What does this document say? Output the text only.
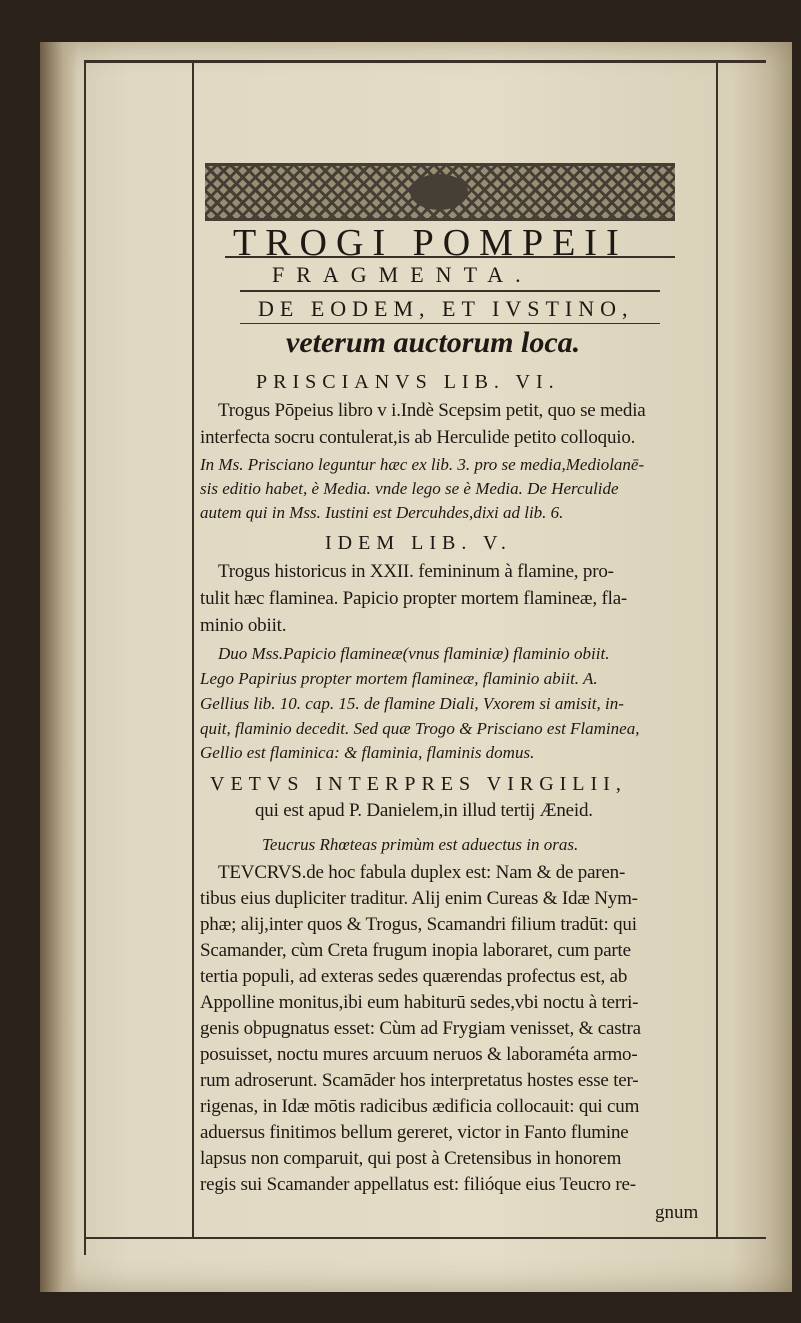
TROGI POMPEII
FRAGMENTA.
DE EODEM, ET IVSTINO,
veterum auctorum loca.
PRISCIANVS LIB. VI.
Trogus Pōpeius libro v i.Indè Scepsim petit, quo se media
interfecta socru contulerat,is ab Herculide petito colloquio.
In Ms. Prisciano leguntur hæc ex lib. 3. pro se media,Mediolanē-
sis editio habet, è Media. vnde lego se è Media. De Herculide
autem qui in Mss. Iustini est Dercuhdes,dixi ad lib. 6.
IDEM LIB. V.
Trogus historicus in XXII. femininum à flamine, pro-
tulit hæc flaminea. Papicio propter mortem flamineæ, fla-
minio obiit.
Duo Mss.Papicio flamineæ(vnus flaminiæ) flaminio obiit.
Lego Papirius propter mortem flamineæ, flaminio abiit. A.
Gellius lib. 10. cap. 15. de flamine Diali, Vxorem si amisit, in-
quit, flaminio decedit. Sed quæ Trogo & Prisciano est Flaminea,
Gellio est flaminica: & flaminia, flaminis domus.
VETVS INTERPRES VIRGILII,
qui est apud P. Danielem,in illud tertij Æneid.
Teucrus Rhœteas primùm est aduectus in oras.
TEVCRVS.de hoc fabula duplex est: Nam & de paren-
tibus eius dupliciter traditur. Alij enim Cureas & Idæ Nym-
phæ; alij,inter quos & Trogus, Scamandri filium tradūt: qui
Scamander, cùm Creta frugum inopia laboraret, cum parte
tertia populi, ad exteras sedes quærendas profectus est, ab
Appolline monitus,ibi eum habiturū sedes,vbi noctu à terri-
genis obpugnatus esset: Cùm ad Frygiam venisset, & castra
posuisset, noctu mures arcuum neruos & laboraméta armo-
rum adroserunt. Scamāder hos interpretatus hostes esse ter-
rigenas, in Idæ mōtis radicibus ædificia collocauit: qui cum
aduersus finitimos bellum gereret, victor in Fanto flumine
lapsus non comparuit, qui post à Cretensibus in honorem
regis sui Scamander appellatus est: filióque eius Teucro re-
gnum
